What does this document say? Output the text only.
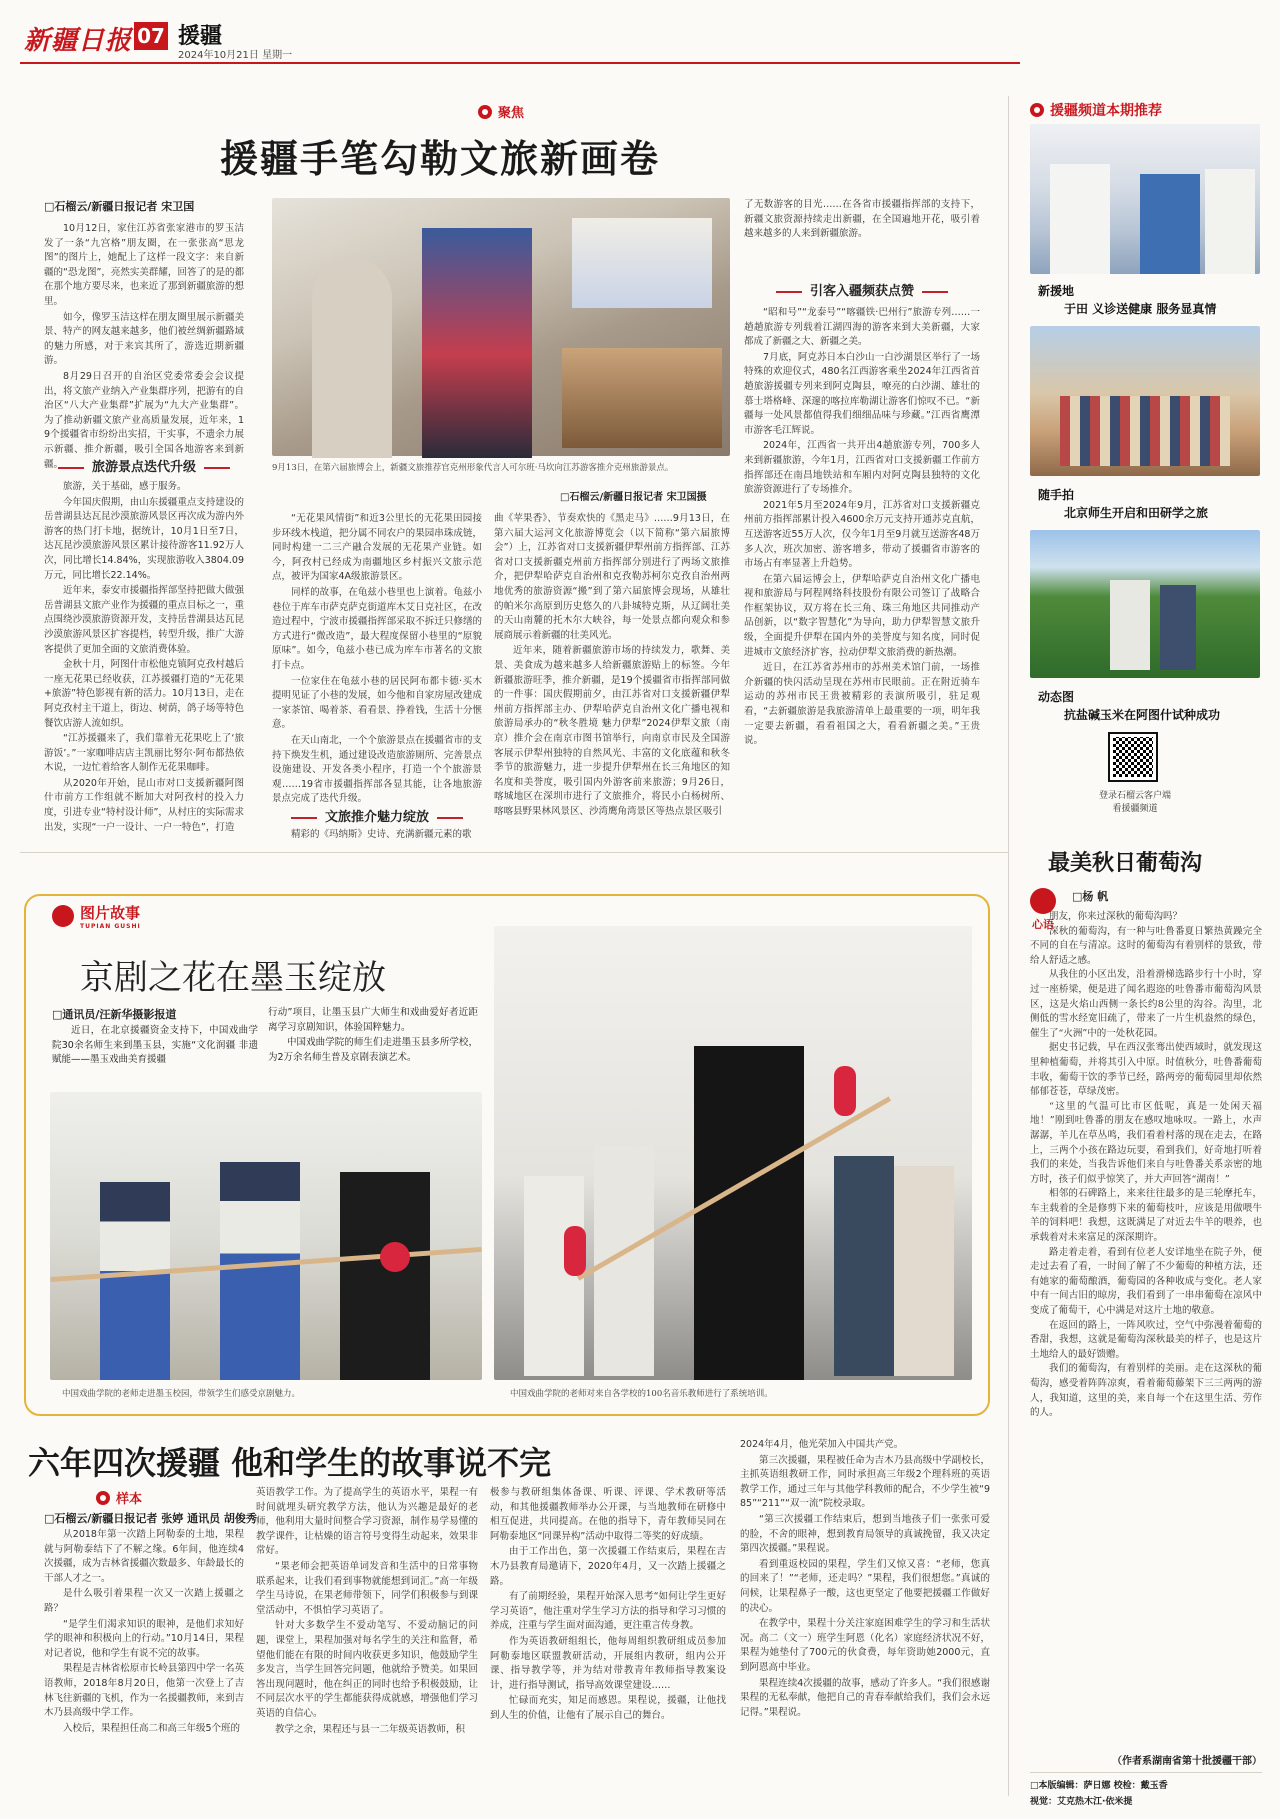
新疆日报 07 援疆
2024年10月21日 星期一
聚焦
援疆手笔勾勒文旅新画卷
□石榴云/新疆日报记者 宋卫国

10月12日，家住江苏省张家港市的罗玉洁发了一条“九宫格”朋友圈，在一张张高“思龙图”的图片上，她配上了这样一段文字：来自新疆的“恐龙图”，亮然实美群耀，回答了的是的都在那个地方要尽来，也来近了那到新疆旅游的想里。

如今，像罗玉洁这样在朋友圈里展示新疆美景、特产的网友越来越多，他们被丝绸新疆路域的魅力所感，对于来宾其所了，游选近期新疆游。

8月29日召开的自治区党委常委会会议提出，将文旅产业纳入产业集群序列，把游有的自治区“八大产业集群”扩展为“九大产业集群”。为了推动新疆文旅产业高质量发展，近年来，19个援疆省市纷纷出实招，干实事，不遗余力展示新疆、推介新疆，吸引全国各地游客来到新疆。	旅游景点迭代升级

旅游，关于基础，感于服务。

今年国庆假期，由山东援疆重点支持建设的岳普湖县达瓦昆沙漠旅游风景区再次成为游内外游客的热门打卡地，据统计，10月1日至7日，达瓦昆沙漠旅游风景区累计接待游客11.92万人次，同比增长14.84%，实现旅游收入3804.09万元，同比增长22.14%。

近年来，泰安市援疆指挥部坚持把做大做强岳普湖县文旅产业作为援疆的重点目标之一，重点围绕沙漠旅游资源开发，支持岳普湖县达瓦昆沙漠旅游风景区扩容提档，转型升级，推广大游客提供了更加全面的文旅消费体验。

金秋十月，阿图什市松他克镇阿克孜村越后一座无花果已经收获，江苏援疆打造的“无花果+旅游”特色影视有新的活力。10月13日，走在阿克孜村主干道上，街边、树荫，鸽子场等特色餐饮店游人流如织。

“江苏援疆来了，我们靠着无花果吃上了‘旅游饭’。”一家咖啡店店主凯丽比努尔·阿布都热依木说，一边忙着给客人制作无花果咖啡。

从2020年开始，昆山市对口支援新疆阿图什市前方工作组就不断加大对阿孜村的投入力度，引进专业“特村设计师”，从村庄的实际需求出发，实现“一户一设计、一户一特色”，打造

9月13日，在第六届旅博会上，新疆文旅推荐官克州形象代言人可尔班·马坎向江苏游客推介克州旅游景点。
□石榴云/新疆日报记者 宋卫国摄

“无花果风情街”和近3公里长的无花果田园接步环线木栈道，把分属不同农户的果园串珠成链，同时构建一二三产融合发展的无花果产业链。如今，阿孜村已经成为南疆地区乡村振兴文旅示范点，被评为国家4A级旅游景区。

同样的故事，在龟兹小巷里也上演着。龟兹小巷位于库车市萨克萨克街道库木艾日克社区，在改造过程中，宁波市援疆指挥部采取不拆迁只修缮的方式进行“微改造”，最大程度保留小巷里的“原貌原味”。如今，龟兹小巷已成为库车市著名的文旅打卡点。

一位家住在龟兹小巷的居民阿布都卡德·买木提明见证了小巷的发展，如今他和自家房屋改建成一家茶馆、喝着茶、看看景、挣着钱，生活十分惬意。

在天山南北，一个个旅游景点在援疆省市的支持下焕发生机，通过建设改造旅游厕所、完善景点设施建设、开发各类小程序，打造一个个旅游景观……19省市援疆指挥部各显其能，让各地旅游景点完成了迭代升级。

文旅推介魅力绽放

精彩的《玛纳斯》史诗、充满新疆元素的歌

曲《苹果香》、节奏欢快的《黑走马》……9月13日，在第六届大运河文化旅游博览会（以下简称“第六届旅博会”）上，江苏省对口支援新疆伊犁州前方指挥部、江苏省对口支援新疆克州前方指挥部分别进行了两场文旅推介，把伊犁哈萨克自治州和克孜勒苏柯尔克孜自治州两地优秀的旅游资源“搬”到了第六届旅博会现场，从雄壮的帕米尔高原到历史悠久的八卦城特克斯，从辽阔壮美的天山南麓的托木尔大峡谷，每一处景点都向观众和参展商展示着新疆的壮美风光。

近年来，随着新疆旅游市场的持续发力，歌舞、美景、美食成为越来越多人给新疆旅游贴上的标签。今年新疆旅游旺季，推介新疆，是19个援疆省市指挥部同做的一件事：国庆假期前夕，由江苏省对口支援新疆伊犁州前方指挥部主办、伊犁哈萨克自治州文化广播电视和旅游局承办的“秋冬胜境 魅力伊犁”2024伊犁文旅（南京）推介会在南京市图书馆举行，向南京市民及全国游客展示伊犁州独特的自然风光、丰富的文化底蕴和秋冬季节的旅游魅力，进一步提升伊犁州在长三角地区的知名度和美誉度，吸引国内外游客前来旅游；9月26日，喀城地区在深圳市进行了文旅推介，将民小白杨树所、喀喀县野果林风景区、沙湾鹰角湾景区等热点景区吸引

了无数游客的目光……在各省市援疆指挥部的支持下，新疆文旅资源持续走出新疆，在全国遍地开花，吸引着越来越多的人来到新疆旅游。

引客入疆频获点赞

“昭和号”“龙泰号”“喀疆铁·巴州行”旅游专列……一趟趟旅游专列载着江湖四海的游客来到大美新疆，大家都成了新疆之大、新疆之美。

7月底，阿克苏日本白沙山一白沙湖景区举行了一场特殊的欢迎仪式，480名江西游客乘坐2024年江西省首趟旅游援疆专列来到阿克陶县，嘹亮的白沙湖、雄壮的慕士塔格峰、深邃的喀拉库勒湖让游客们惊叹不已。“新疆每一处风景都值得我们细细品味与珍藏。”江西省鹰潭市游客毛江辉说。

2024年，江西省一共开出4趟旅游专列，700多人来到新疆旅游，今年1月，江西省对口支援新疆工作前方指挥部还在南昌地铁站和车厢内对阿克陶县独特的文化旅游资源进行了专场推介。

2021年5月至2024年9月，江苏省对口支援新疆克州前方指挥部累计投入4600余万元支持开通苏克直航，互送游客近55万人次，仅今年1月至9月就互送游客48万多人次，班次加密、游客增多，带动了援疆省市游客的市场占有率显著上升趋势。

在第六届运博会上，伊犁哈萨克自治州文化广播电视和旅游局与阿程网络科技股份有限公司签订了战略合作框架协议，双方将在长三角、珠三角地区共同推动产品创新，以“数字智慧化”为导向，助力伊犁智慧文旅升级，全面提升伊犁在国内外的美誉度与知名度，同时促进城市文旅经济扩容，拉动伊犁文旅消费的新热潮。

近日，在江苏省苏州市的苏州美术馆门前，一场推介新疆的快闪活动呈现在苏州市民眼前。正在附近骑车运动的苏州市民王贵被精彩的表演所吸引，驻足观看，“去新疆旅游是我旅游清单上最重要的一项，明年我一定要去新疆，看看祖国之大，看看新疆之美。”王贵说。

援疆频道本期推荐
新援地
于田 义诊送健康 服务显真情
随手拍
北京师生开启和田研学之旅
动态图
抗盐碱玉米在阿图什试种成功
登录石榴云客户端
看援疆频道
最美秋日葡萄沟
心语
□杨 帆

朋友，你来过深秋的葡萄沟吗？

深秋的葡萄沟，有一种与吐鲁番夏日繁热黄躁完全不同的自在与清凉。这时的葡萄沟有着别样的景致，带给人舒适之感。

从我住的小区出发，沿着滑梯选路步行十小时，穿过一座桥梁，便是进了闻名遐迩的吐鲁番市葡萄沟风景区，这是火焰山西侧一条长约8公里的沟谷。沟里，北侧低的雪水经宽旧疏了，带来了一片生机盎然的绿色，催生了“火洲”中的一处秋花园。

据史书记载，早在西汉张骞出使西域时，就发现这里种植葡萄，并将其引入中原。时值秋分，吐鲁番葡萄丰收，葡萄干饮的季节已经，路两旁的葡萄园里却依然郁郁苍苍，草绿茂密。

“这里的气温可比市区低呢，真是一处闲天福地！”刚到吐鲁番的朋友在感叹地咏叹。一路上，水声潺潺，羊儿在草丛鸣，我们看着村落的现在走去，在路上，三两个小孩在路边玩耍，看到我们，好奇地打听着我们的来处，当我告诉他们来自与吐鲁番关系亲密的地方时，孩子们似乎惊笑了，并大声回答“湖南！”

相邻的石碑路上，来来往往最多的是三轮摩托车，车主载着的全是修剪下来的葡萄枝叶，应该是用做喂牛羊的饲料吧！我想，这既满足了对近去牛羊的喂养，也承载着对未来富足的深深期许。

路走着走着，看到有位老人安详地坐在院子外，便走过去看了看，一时间了解了不少葡萄的种植方法，还有她家的葡萄酿酒，葡萄园的各种收成与变化。老人家中有一间古旧的晾房，我们看到了一串串葡萄在凉风中变成了葡萄干，心中满是对这片土地的敬意。

在返回的路上，一阵风吹过，空气中弥漫着葡萄的香甜，我想，这就是葡萄沟深秋最美的样子，也是这片土地给人的最好馈赠。

我们的葡萄沟，有着别样的美丽。走在这深秋的葡萄沟，感受着阵阵凉爽，看着葡萄藤架下三三两两的游人，我知道，这里的美，来自每一个在这里生活、劳作的人。

（作者系湖南省第十批援疆干部）
□本版编辑：萨日娜 校检：戴玉香
视觉：艾克热木江·依米提
图片故事
TUPIAN GUSHI
京剧之花在墨玉绽放
□通讯员/汪新华摄影报道

近日，在北京援疆资金支持下，中国戏曲学院30余名师生来到墨玉县，实施“文化润疆 非遗赋能——墨玉戏曲美育援疆

行动”项目，让墨玉县广大师生和戏曲爱好者近距离学习京剧知识，体验国粹魅力。

中国戏曲学院的师生们走进墨玉县多所学校，为2万余名师生普及京剧表演艺术。

中国戏曲学院的老师走进墨玉校园，带领学生们感受京剧魅力。	中国戏曲学院的老师对来自各学校的100名音乐教师进行了系统培训。
六年四次援疆 他和学生的故事说不完
样本
□石榴云/新疆日报记者 张婷 通讯员 胡俊秀

从2018年第一次踏上阿勒泰的土地，果程就与阿勒泰结下了不解之缘。6年间，他连续4次援疆，成为吉林省援疆次数最多、年龄最长的干部人才之一。

是什么吸引着果程一次又一次踏上援疆之路？

“是学生们渴求知识的眼神，是他们求知好学的眼神和积极向上的行动。”10月14日，果程对记者说，他和学生有说不完的故事。

果程是吉林省松原市长岭县第四中学一名英语教师，2018年8月20日，他第一次登上了吉林飞往新疆的飞机，作为一名援疆教师，来到吉木乃县高级中学工作。

入校后，果程担任高二和高三年级5个班的

英语教学工作。为了提高学生的英语水平，果程一有时间就埋头研究教学方法，他认为兴趣是最好的老师，他利用大量时间整合学习资源，制作易学易懂的教学课件，让枯燥的语言符号变得生动起来，效果非常好。

“果老师会把英语单词发音和生活中的日常事物联系起来，让我们看到事物就能想到词汇。”高一年级学生马诗说，在果老师带领下，同学们积极参与到课堂活动中，不惧怕学习英语了。

针对大多数学生不爱动笔写、不爱动脑记的问题，课堂上，果程加强对每名学生的关注和监督，希望他们能在有限的时间内收获更多知识，他鼓励学生多发言，当学生回答完问题，他就给予赞美。如果回答出现问题时，他在纠正的同时也给予积极鼓励，让不同层次水平的学生都能获得成就感，增强他们学习英语的自信心。

教学之余，果程还与县一二年级英语教师，积

极参与教研组集体备课、听课、评课、学术教研等活动，和其他援疆教师举办公开课，与当地教师在研修中相互促进，共同提高。在他的指导下，青年教师吴同在阿勒泰地区“同课异构”活动中取得二等奖的好成绩。

由于工作出色，第一次援疆工作结束后，果程在吉木乃县教育局邀请下，2020年4月，又一次踏上援疆之路。

有了前期经验，果程开始深入思考“如何让学生更好学习英语”，他注重对学生学习方法的指导和学习习惯的养成，注重与学生面对面沟通，更注重言传身教。

作为英语教研组组长，他每周组织教研组成员参加阿勒泰地区联盟教研活动，开展组内教研，组内公开课、指导教学等，并为结对带教青年教师指导教案设计，进行指导测试，指导高效课堂建设……

忙碌而充实，知足而感恩。果程说，援疆，让他找到人生的价值，让他有了展示自己的舞台。

2024年4月，他光荣加入中国共产党。

第三次援疆，果程被任命为吉木乃县高级中学副校长，主抓英语组教研工作，同时承担高三年级2个理科班的英语教学工作，通过三年与其他学科教师的配合，不少学生被“985”“211”“双一流”院校录取。

“第三次援疆工作结束后，想到当地孩子们一张张可爱的脸，不舍的眼神，想到教育局领导的真诚挽留，我又决定第四次援疆。”果程说。

看到重返校园的果程，学生们又惊又喜：“老师，您真的回来了！”“老师，还走吗？”果程，我们很想您。”真诚的问候，让果程鼻子一酸，这也更坚定了他要把援疆工作做好的决心。

在教学中，果程十分关注家庭困难学生的学习和生活状况。高二（文一）班学生阿恩（化名）家庭经济状况不好，果程为她垫付了700元的伙食费，每年资助她2000元，直到阿恩高中毕业。

果程连续4次援疆的故事，感动了许多人。“我们很感谢果程的无私奉献，他把自己的青春奉献给我们，我们会永远记得。”果程说。
